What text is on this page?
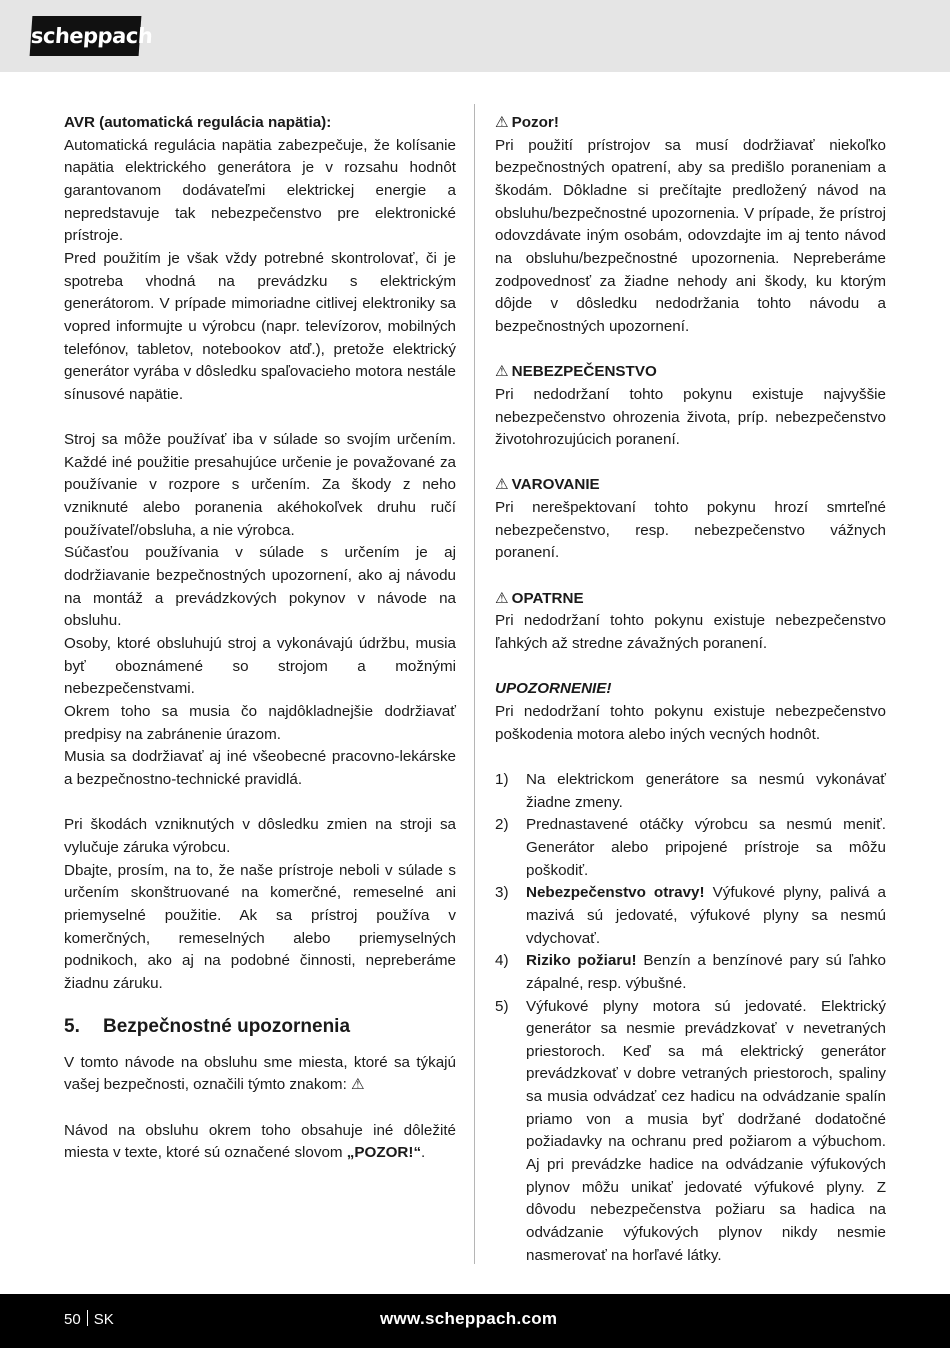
scheppach

AVR (automatická regulácia napätia):

Automatická regulácia napätia zabezpečuje, že kolísanie napätia elektrického generátora je v rozsahu hodnôt garantovanom dodávateľmi elektrickej energie a nepredstavuje tak nebezpečenstvo pre elektronické prístroje.

Pred použitím je však vždy potrebné skontrolovať, či je spotreba vhodná na prevádzku s elektrickým generátorom. V prípade mimoriadne citlivej elektroniky sa vopred informujte u výrobcu (napr. televízorov, mobilných telefónov, tabletov, notebookov atď.), pretože elektrický generátor vyrába v dôsledku spaľovacieho motora nestále sínusové napätie.

Stroj sa môže používať iba v súlade so svojím určením. Každé iné použitie presahujúce určenie je považované za používanie v rozpore s určením. Za škody z neho vzniknuté alebo poranenia akéhokoľvek druhu ručí používateľ/obsluha, a nie výrobca.

Súčasťou používania v súlade s určením je aj dodržiavanie bezpečnostných upozornení, ako aj návodu na montáž a prevádzkových pokynov v návode na obsluhu.

Osoby, ktoré obsluhujú stroj a vykonávajú údržbu, musia byť oboznámené so strojom a možnými nebezpečenstvami.

Okrem toho sa musia čo najdôkladnejšie dodržiavať predpisy na zabránenie úrazom.

Musia sa dodržiavať aj iné všeobecné pracovno-lekárske a bezpečnostno-technické pravidlá.

Pri škodách vzniknutých v dôsledku zmien na stroji sa vylučuje záruka výrobcu.

Dbajte, prosím, na to, že naše prístroje neboli v súlade s určením skonštruované na komerčné, remeselné ani priemyselné použitie. Ak sa prístroj používa v komerčných, remeselných alebo priemyselných podnikoch, ako aj na podobné činnosti, nepreberáme žiadnu záruku.

5. Bezpečnostné upozornenia

V tomto návode na obsluhu sme miesta, ktoré sa týkajú vašej bezpečnosti, označili týmto znakom: ⚠

Návod na obsluhu okrem toho obsahuje iné dôležité miesta v texte, ktoré sú označené slovom „POZOR!“.

⚠ Pozor!

Pri použití prístrojov sa musí dodržiavať niekoľko bezpečnostných opatrení, aby sa predišlo poraneniam a škodám. Dôkladne si prečítajte predložený návod na obsluhu/bezpečnostné upozornenia. V prípade, že prístroj odovzdávate iným osobám, odovzdajte im aj tento návod na obsluhu/bezpečnostné upozornenia. Nepreberáme zodpovednosť za žiadne nehody ani škody, ku ktorým dôjde v dôsledku nedodržania tohto návodu a bezpečnostných upozornení.

⚠ NEBEZPEČENSTVO

Pri nedodržaní tohto pokynu existuje najvyššie nebezpečenstvo ohrozenia života, príp. nebezpečenstvo životohrozujúcich poranení.

⚠ VAROVANIE

Pri nerešpektovaní tohto pokynu hrozí smrteľné nebezpečenstvo, resp. nebezpečenstvo vážnych poranení.

⚠ OPATRNE

Pri nedodržaní tohto pokynu existuje nebezpečenstvo ľahkých až stredne závažných poranení.

UPOZORNENIE!

Pri nedodržaní tohto pokynu existuje nebezpečenstvo poškodenia motora alebo iných vecných hodnôt.

1) Na elektrickom generátore sa nesmú vykonávať žiadne zmeny.
2) Prednastavené otáčky výrobcu sa nesmú meniť. Generátor alebo pripojené prístroje sa môžu poškodiť.
3) Nebezpečenstvo otravy! Výfukové plyny, palivá a mazivá sú jedovaté, výfukové plyny sa nesmú vdychovať.
4) Riziko požiaru! Benzín a benzínové pary sú ľahko zápalné, resp. výbušné.
5) Výfukové plyny motora sú jedovaté. Elektrický generátor sa nesmie prevádzkovať v nevetraných priestoroch. Keď sa má elektrický generátor prevádzkovať v dobre vetraných priestoroch, spaliny sa musia odvádzať cez hadicu na odvádzanie spalín priamo von a musia byť dodržané dodatočné požiadavky na ochranu pred požiarom a výbuchom. Aj pri prevádzke hadice na odvádzanie výfukových plynov môžu unikať jedovaté výfukové plyny. Z dôvodu nebezpečenstva požiaru sa hadica na odvádzanie výfukových plynov nikdy nesmie nasmerovať na horľavé látky.
50 SK	www.scheppach.com
